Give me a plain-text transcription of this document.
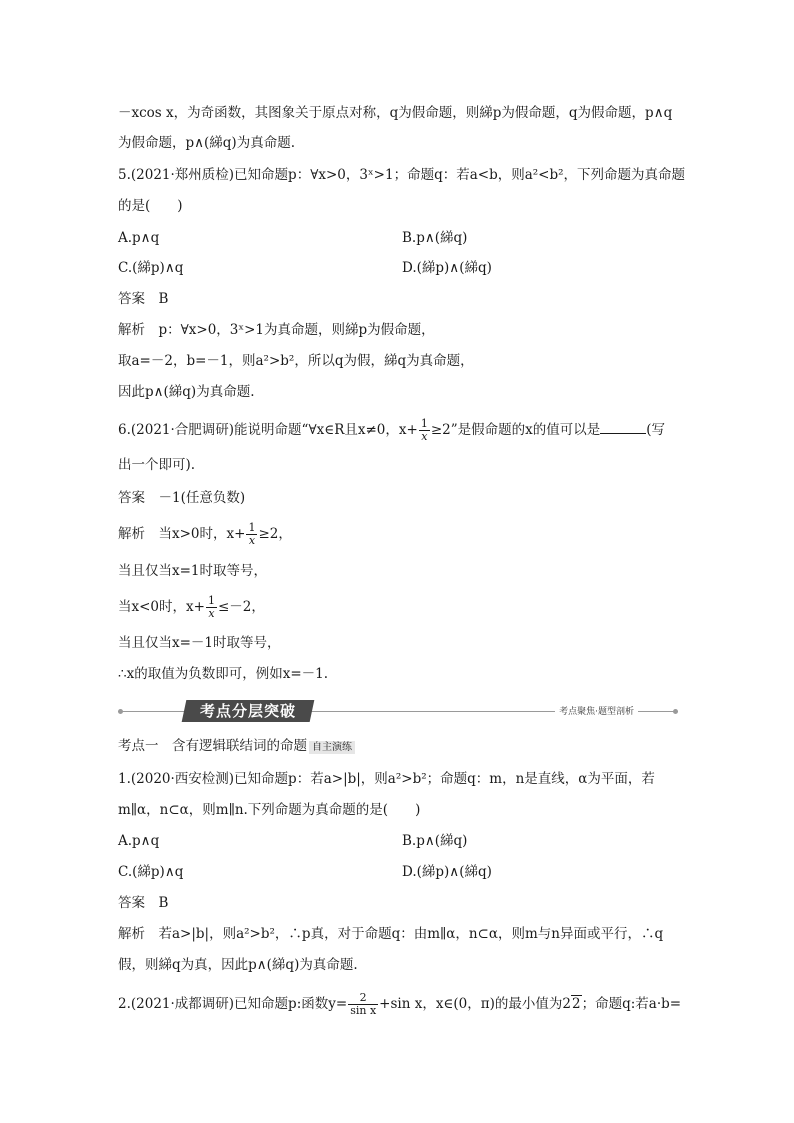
－xcos x，为奇函数，其图象关于原点对称，q为假命题，则綈p为假命题，q为假命题，p∧q
为假命题，p∧(綈q)为真命题.
5.(2021·郑州质检)已知命题p：∀x>0，3ˣ>1；命题q：若a<b，则a²<b²，下列命题为真命题
的是(　　)
A.p∧q	B.p∧(綈q)
C.(綈p)∧q	D.(綈p)∧(綈q)
答案　B
解析　p：∀x>0，3ˣ>1为真命题，则綈p为假命题，
取a=－2，b=－1，则a²>b²，所以q为假，綈q为真命题，
因此p∧(綈q)为真命题.
6.(2021·合肥调研)能说明命题“∀x∈R且x≠0，$x+ \frac{1}{x} \ge 2$”是假命题的x的值可以是	(写
出一个即可).
答案　－1(任意负数)
解析　当x>0时，$x+ \frac{1}{x} \ge 2$，
当且仅当x=1时取等号，
当x<0时，$x+ \frac{1}{x} \le-2$，
当且仅当x=－1时取等号，
∴x的取值为负数即可，例如x=－1.
考点分层突破	考点聚焦·题型剖析
考点一　含有逻辑联结词的命题 自主演练
1.(2020·西安检测)已知命题p：若a>|b|，则a²>b²；命题q：m，n是直线，α为平面，若
m∥α，n⊂α，则m∥n.下列命题为真命题的是(　　)
A.p∧q	B.p∧(綈q)
C.(綈p)∧q	D.(綈p)∧(綈q)
答案　B
解析　若a>|b|，则a²>b²，∴p真，对于命题q：由m∥α，n⊂α，则m与n异面或平行，∴q
假，则綈q为真，因此p∧(綈q)为真命题.
2.(2021·成都调研)已知命题p:函数$y= \frac{2}{\text{sin x}} +\sin$ x，x∈(0，π)的最小值为22；命题q:若a·b=
